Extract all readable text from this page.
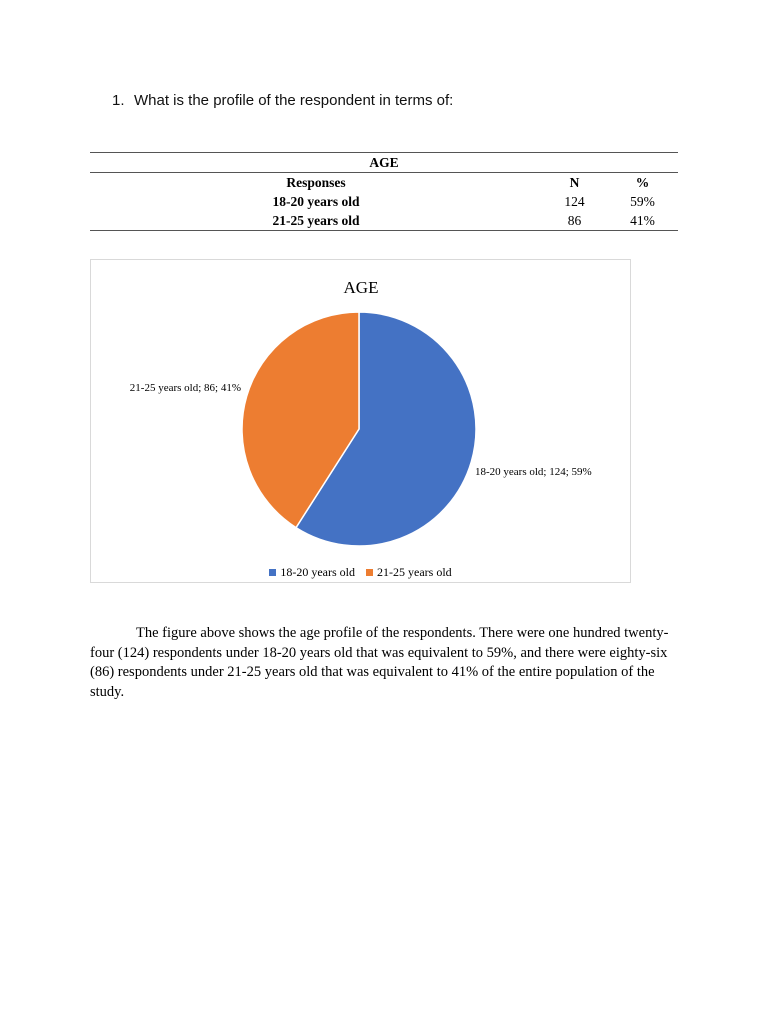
1. What is the profile of the respondent in terms of:
AGE		
Responses	N	%
18-20 years old	124	59%
21-25 years old	86	41%
AGE
18-20 years old; 124; 59%
21-25 years old; 86; 41%
18-20 years old
21-25 years old

The figure above shows the age profile of the respondents. There were one hundred twenty-four (124) respondents under 18-20 years old that was equivalent to 59%, and there were eighty-six (86) respondents under 21-25 years old that was equivalent to 41% of the entire population of the study.
